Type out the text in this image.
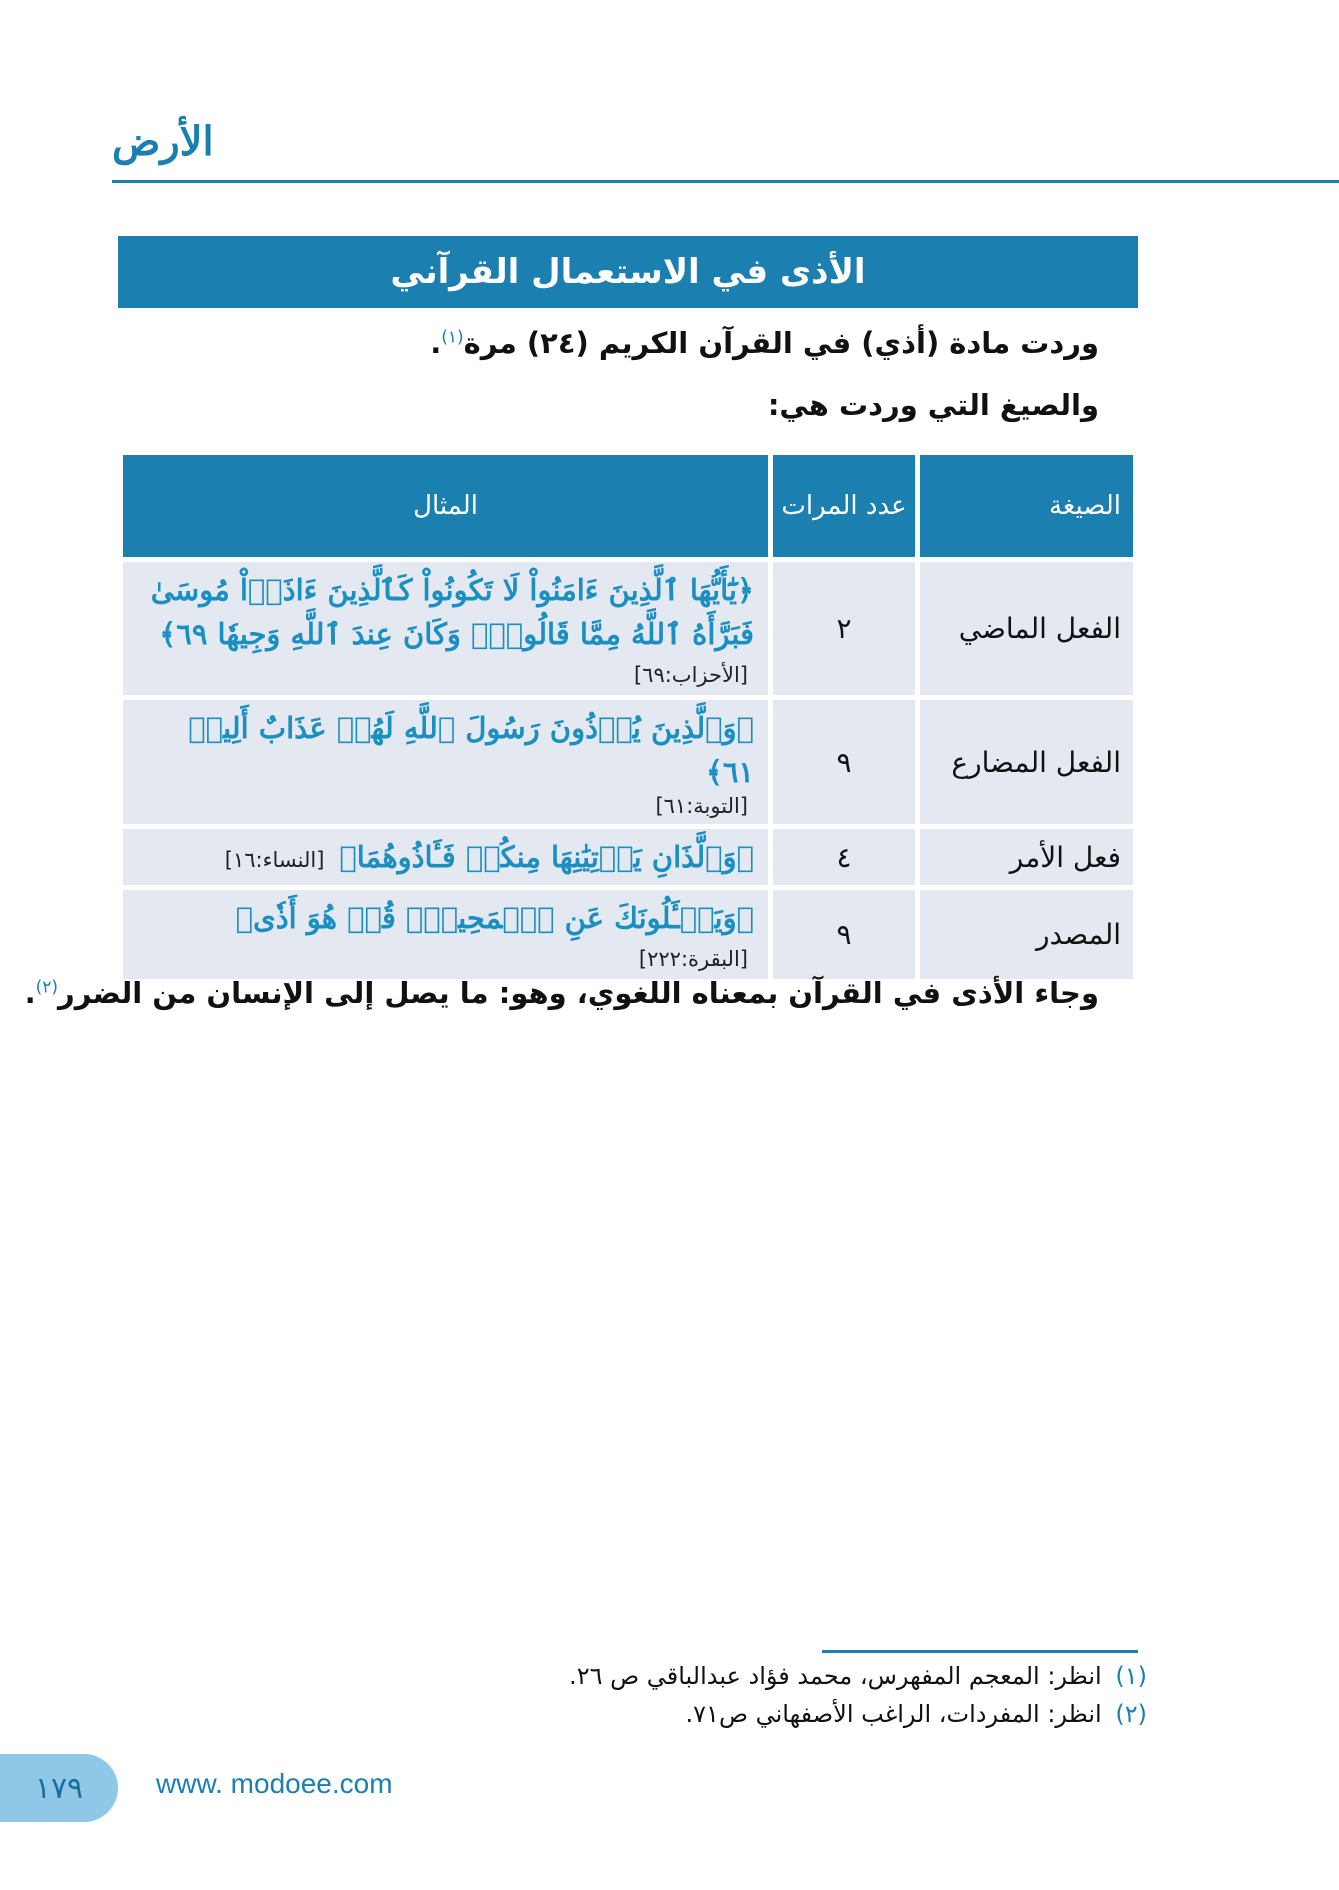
الأرض
الأذى في الاستعمال القرآني
وردت مادة (أذي) في القرآن الكريم (٢٤) مرة$^{(١)}$.
والصيغ التي وردت هي:
الصيغة	عدد المرات	المثال
الفعل الماضي	٢	﴿يَٰٓأَيُّهَا ٱلَّذِينَ ءَامَنُواْ لَا تَكُونُواْ كَٱلَّذِينَ ءَاذَوۡاْ مُوسَىٰ فَبَرَّأَهُ ٱللَّهُ مِمَّا قَالُواْۚ وَكَانَ عِندَ ٱللَّهِ وَجِيهٗا ٦٩﴾ [الأحزاب:٦٩]
الفعل المضارع	٩	﴿وَٱلَّذِينَ يُؤۡذُونَ رَسُولَ ٱللَّهِ لَهُمۡ عَذَابٌ أَلِيمٞ ٦١﴾
[التوبة:٦١]

فعل الأمر	٤	﴿وَٱلَّذَانِ يَأۡتِيَٰنِهَا مِنكُمۡ فَـَٔاذُوهُمَا﴾ [النساء:١٦]
المصدر	٩	﴿وَيَسۡـَٔلُونَكَ عَنِ ٱلۡمَحِيضِۖ قُلۡ هُوَ أَذٗى﴾ [البقرة:٢٢٢]
وجاء الأذى في القرآن بمعناه اللغوي، وهو: ما يصل إلى الإنسان من الضرر$^{(٢)}$.
(١) انظر: المعجم المفهرس، محمد فؤاد عبدالباقي ص ٢٦.
(٢) انظر: المفردات، الراغب الأصفهاني ص٧١.
١٧٩	www. modoee.com
